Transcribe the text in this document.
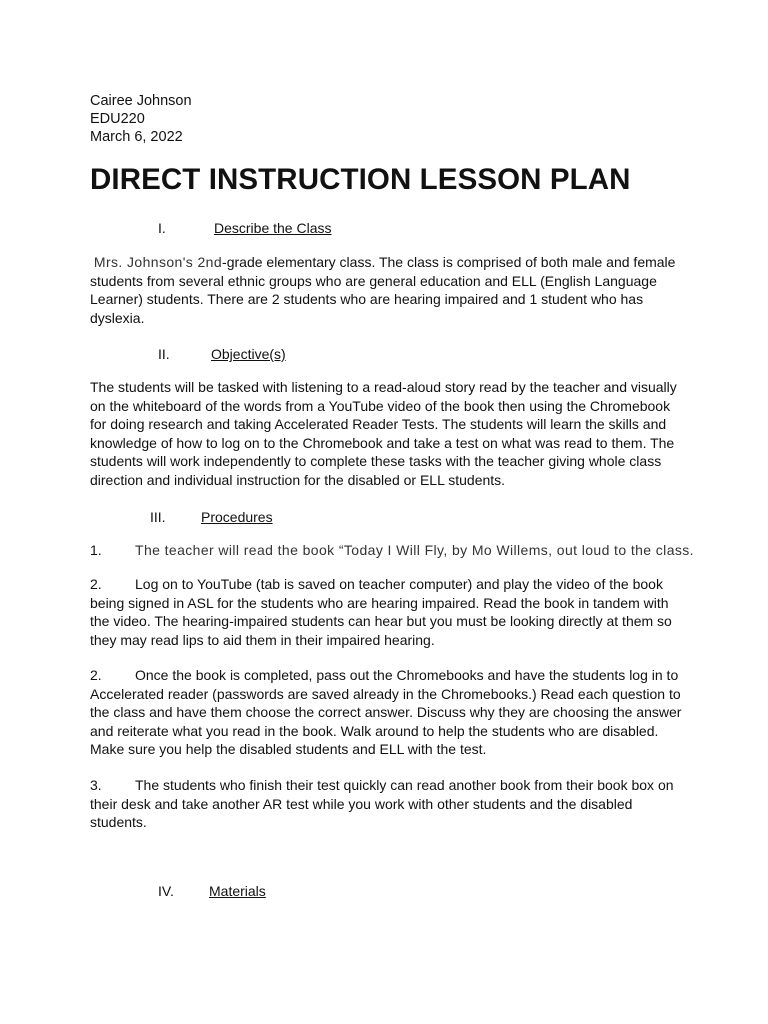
Cairee Johnson
EDU220
March 6, 2022
DIRECT INSTRUCTION LESSON PLAN
I.	Describe the Class
Mrs. Johnson's 2nd-grade elementary class. The class is comprised of both male and female
students from several ethnic groups who are general education and ELL (English Language
Learner) students. There are 2 students who are hearing impaired and 1 student who has
dyslexia.
II.	Objective(s)
The students will be tasked with listening to a read-aloud story read by the teacher and visually
on the whiteboard of the words from a YouTube video of the book then using the Chromebook
for doing research and taking Accelerated Reader Tests. The students will learn the skills and
knowledge of how to log on to the Chromebook and take a test on what was read to them. The
students will work independently to complete these tasks with the teacher giving whole class
direction and individual instruction for the disabled or ELL students.
III.	Procedures
1. The teacher will read the book “Today I Will Fly, by Mo Willems, out loud to the class.
2. Log on to YouTube (tab is saved on teacher computer) and play the video of the book
being signed in ASL for the students who are hearing impaired. Read the book in tandem with
the video. The hearing-impaired students can hear but you must be looking directly at them so
they may read lips to aid them in their impaired hearing.
2. Once the book is completed, pass out the Chromebooks and have the students log in to
Accelerated reader (passwords are saved already in the Chromebooks.) Read each question to
the class and have them choose the correct answer. Discuss why they are choosing the answer
and reiterate what you read in the book. Walk around to help the students who are disabled.
Make sure you help the disabled students and ELL with the test.
3. The students who finish their test quickly can read another book from their book box on
their desk and take another AR test while you work with other students and the disabled
students.
IV.	Materials
